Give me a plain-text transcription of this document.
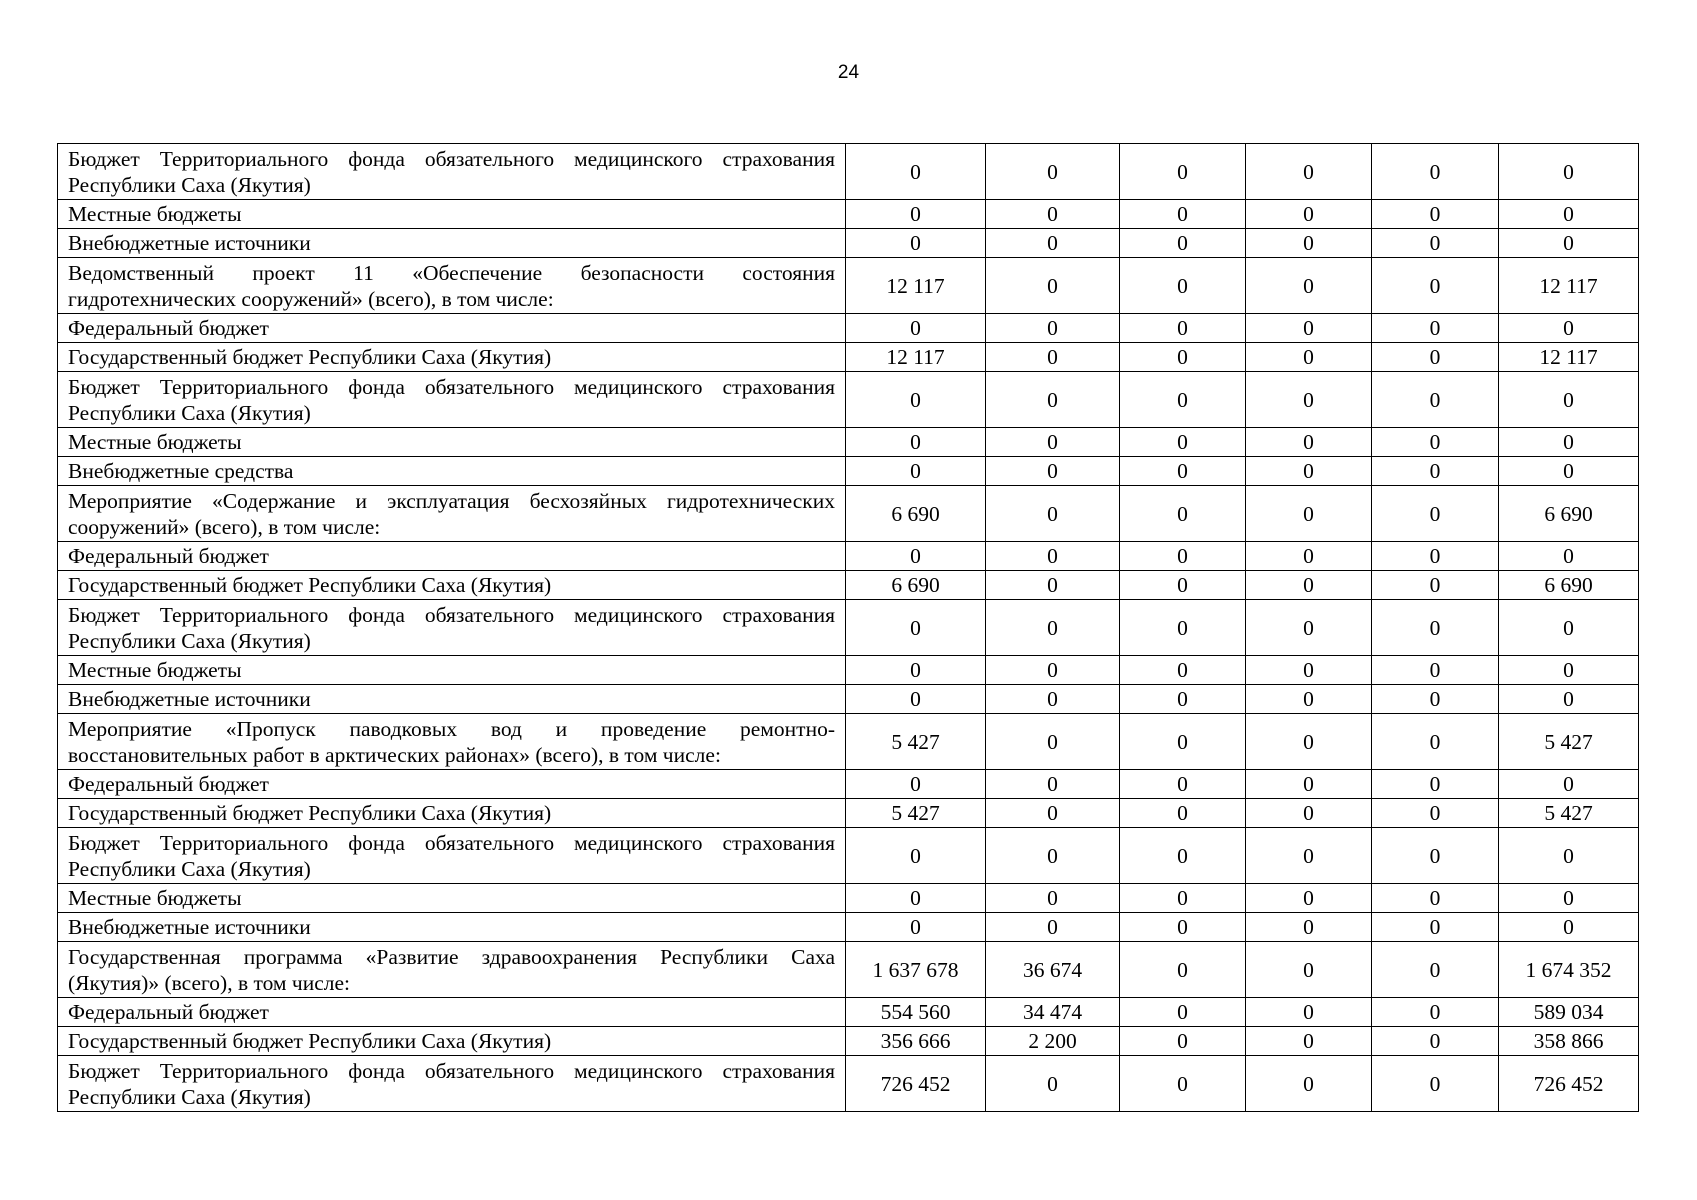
24
Бюджет Территориального фонда обязательного медицинского страхования Республики Саха (Якутия)	0	0	0	0	0	0
Местные бюджеты	0	0	0	0	0	0
Внебюджетные источники	0	0	0	0	0	0
Ведомственный проект 11 «Обеспечение безопасности состояния гидротехнических сооружений» (всего), в том числе:	12 117	0	0	0	0	12 117
Федеральный бюджет	0	0	0	0	0	0
Государственный бюджет Республики Саха (Якутия)	12 117	0	0	0	0	12 117
Бюджет Территориального фонда обязательного медицинского страхования Республики Саха (Якутия)	0	0	0	0	0	0
Местные бюджеты	0	0	0	0	0	0
Внебюджетные средства	0	0	0	0	0	0
Мероприятие «Содержание и эксплуатация бесхозяйных гидротехнических сооружений» (всего), в том числе:	6 690	0	0	0	0	6 690
Федеральный бюджет	0	0	0	0	0	0
Государственный бюджет Республики Саха (Якутия)	6 690	0	0	0	0	6 690
Бюджет Территориального фонда обязательного медицинского страхования Республики Саха (Якутия)	0	0	0	0	0	0
Местные бюджеты	0	0	0	0	0	0
Внебюджетные источники	0	0	0	0	0	0
Мероприятие «Пропуск паводковых вод и проведение ремонтно-восстановительных работ в арктических районах» (всего), в том числе:	5 427	0	0	0	0	5 427
Федеральный бюджет	0	0	0	0	0	0
Государственный бюджет Республики Саха (Якутия)	5 427	0	0	0	0	5 427
Бюджет Территориального фонда обязательного медицинского страхования Республики Саха (Якутия)	0	0	0	0	0	0
Местные бюджеты	0	0	0	0	0	0
Внебюджетные источники	0	0	0	0	0	0
Государственная программа «Развитие здравоохранения Республики Саха (Якутия)» (всего), в том числе:	1 637 678	36 674	0	0	0	1 674 352
Федеральный бюджет	554 560	34 474	0	0	0	589 034
Государственный бюджет Республики Саха (Якутия)	356 666	2 200	0	0	0	358 866
Бюджет Территориального фонда обязательного медицинского страхования Республики Саха (Якутия)	726 452	0	0	0	0	726 452
